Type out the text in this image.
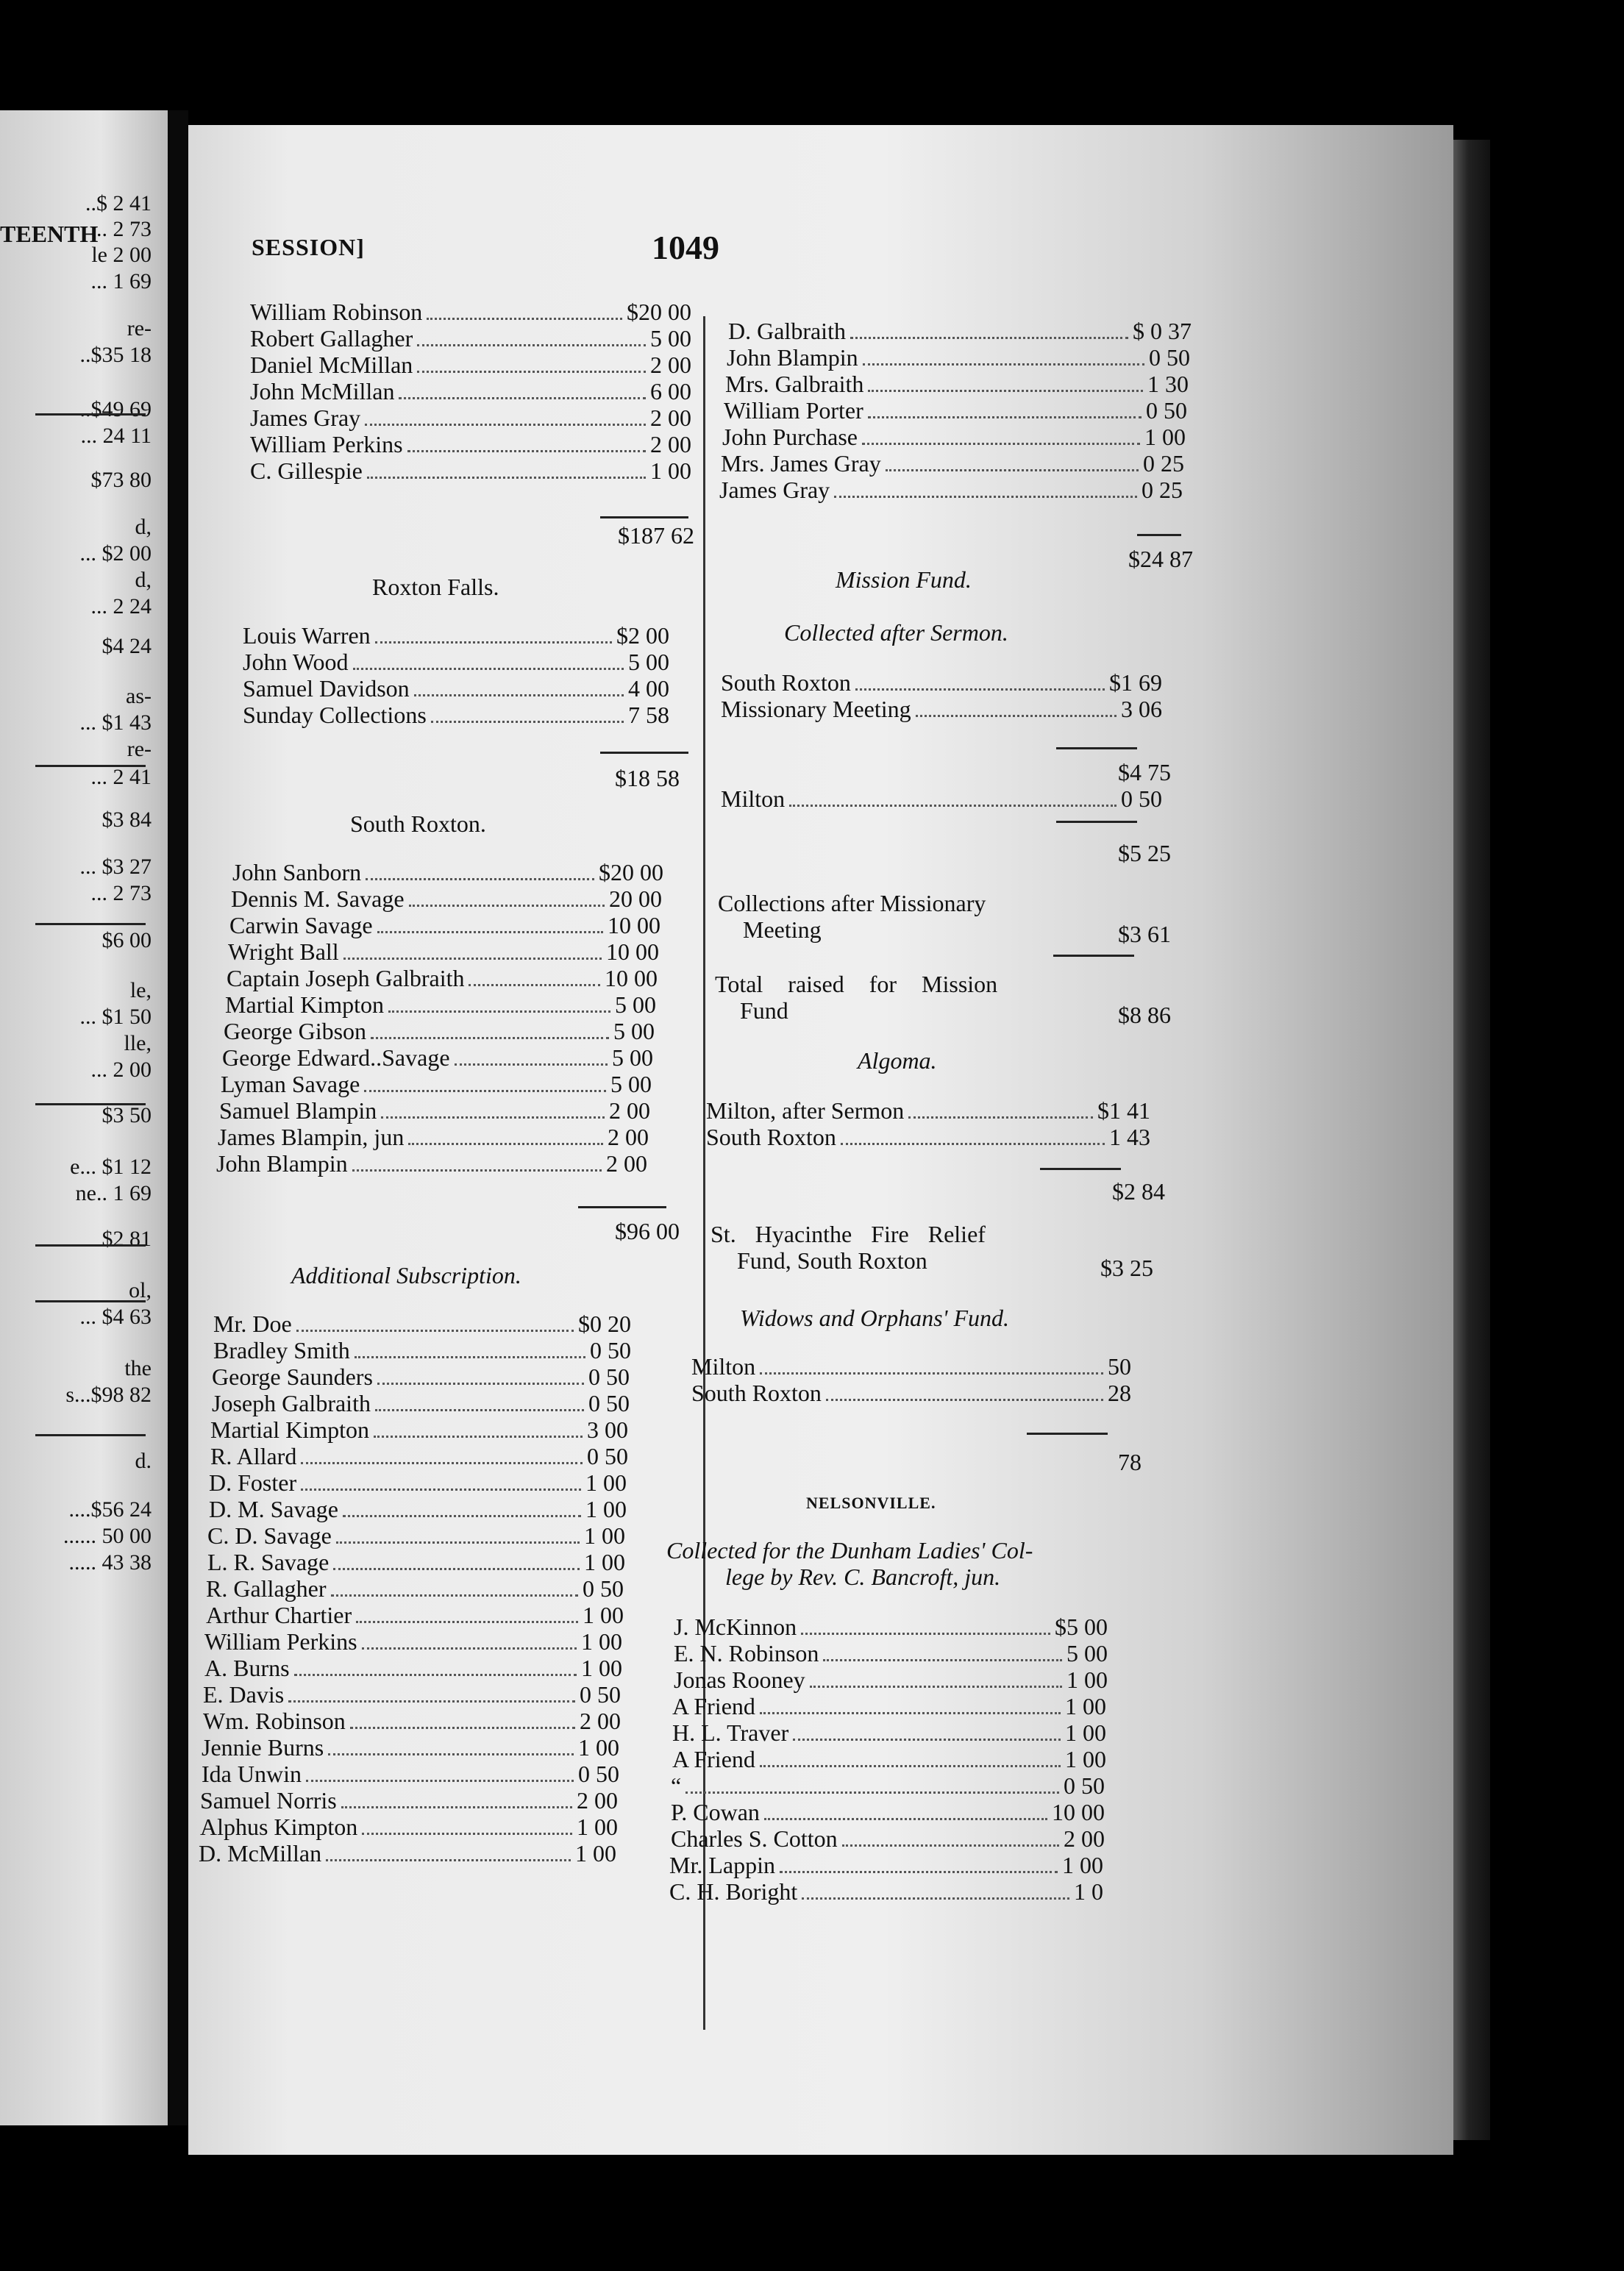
TEENTH
..$ 2 41
.. 2 73
le 2 00
... 1 69
re-
..$35 18
..$49 69
... 24 11
$73 80
d,
... $2 00
d,
... 2 24
$4 24
as-
... $1 43
re-
... 2 41
$3 84
... $3 27
... 2 73
$6 00
le,
... $1 50
lle,
... 2 00
$3 50
e... $1 12
ne.. 1 69
$2 81
ol,
... $4 63
the
s...$98 82
d.
....$56 24
...... 50 00
..... 43 38
SESSION]	1049
William Robinson	$20 00
Robert Gallagher	5 00
Daniel McMillan	2 00
John McMillan	6 00
James Gray	2 00
William Perkins	2 00
C. Gillespie	1 00
$187 62
Roxton Falls.
Louis Warren	$2 00
John Wood	5 00
Samuel Davidson	4 00
Sunday Collections	7 58
$18 58
South Roxton.
John Sanborn	$20 00
Dennis M. Savage	20 00
Carwin Savage	10 00
Wright Ball	10 00
Captain Joseph Galbraith	10 00
Martial Kimpton	5 00
George Gibson	5 00
George Edward..Savage	5 00
Lyman Savage	5 00
Samuel Blampin	2 00
James Blampin, jun	2 00
John Blampin	2 00
$96 00
Additional Subscription.
Mr. Doe	$0 20
Bradley Smith	0 50
George Saunders	0 50
Joseph Galbraith	0 50
Martial Kimpton	3 00
R. Allard	0 50
D. Foster	1 00
D. M. Savage	1 00
C. D. Savage	1 00
L. R. Savage	1 00
R. Gallagher	0 50
Arthur Chartier	1 00
William Perkins	1 00
A. Burns	1 00
E. Davis	0 50
Wm. Robinson	2 00
Jennie Burns	1 00
Ida Unwin	0 50
Samuel Norris	2 00
Alphus Kimpton	1 00
D. McMillan	1 00
D. Galbraith	$ 0 37
John Blampin	0 50
Mrs. Galbraith	1 30
William Porter	0 50
John Purchase	1 00
Mrs. James Gray	0 25
James Gray	0 25
$24 87
Mission Fund.
Collected after Sermon.
South Roxton	$1 69
Missionary Meeting	3 06
$4 75
Milton	0 50
$5 25
Collections after Missionary
Meeting	$3 61
Total raised for Mission
Fund	$8 86
Algoma.
Milton, after Sermon	$1 41
South Roxton	1 43
$2 84
St. Hyacinthe Fire Relief
Fund, South Roxton	$3 25
Widows and Orphans' Fund.
Milton	50
South Roxton	28
78
NELSONVILLE.
Collected for the Dunham Ladies' Col-
lege by Rev. C. Bancroft, jun.
J. McKinnon	$5 00
E. N. Robinson	5 00
Jonas Rooney	1 00
A Friend	1 00
H. L. Traver	1 00
A Friend	1 00
“	0 50
P. Cowan	10 00
Charles S. Cotton	2 00
Mr. Lappin	1 00
C. H. Boright	1 0
